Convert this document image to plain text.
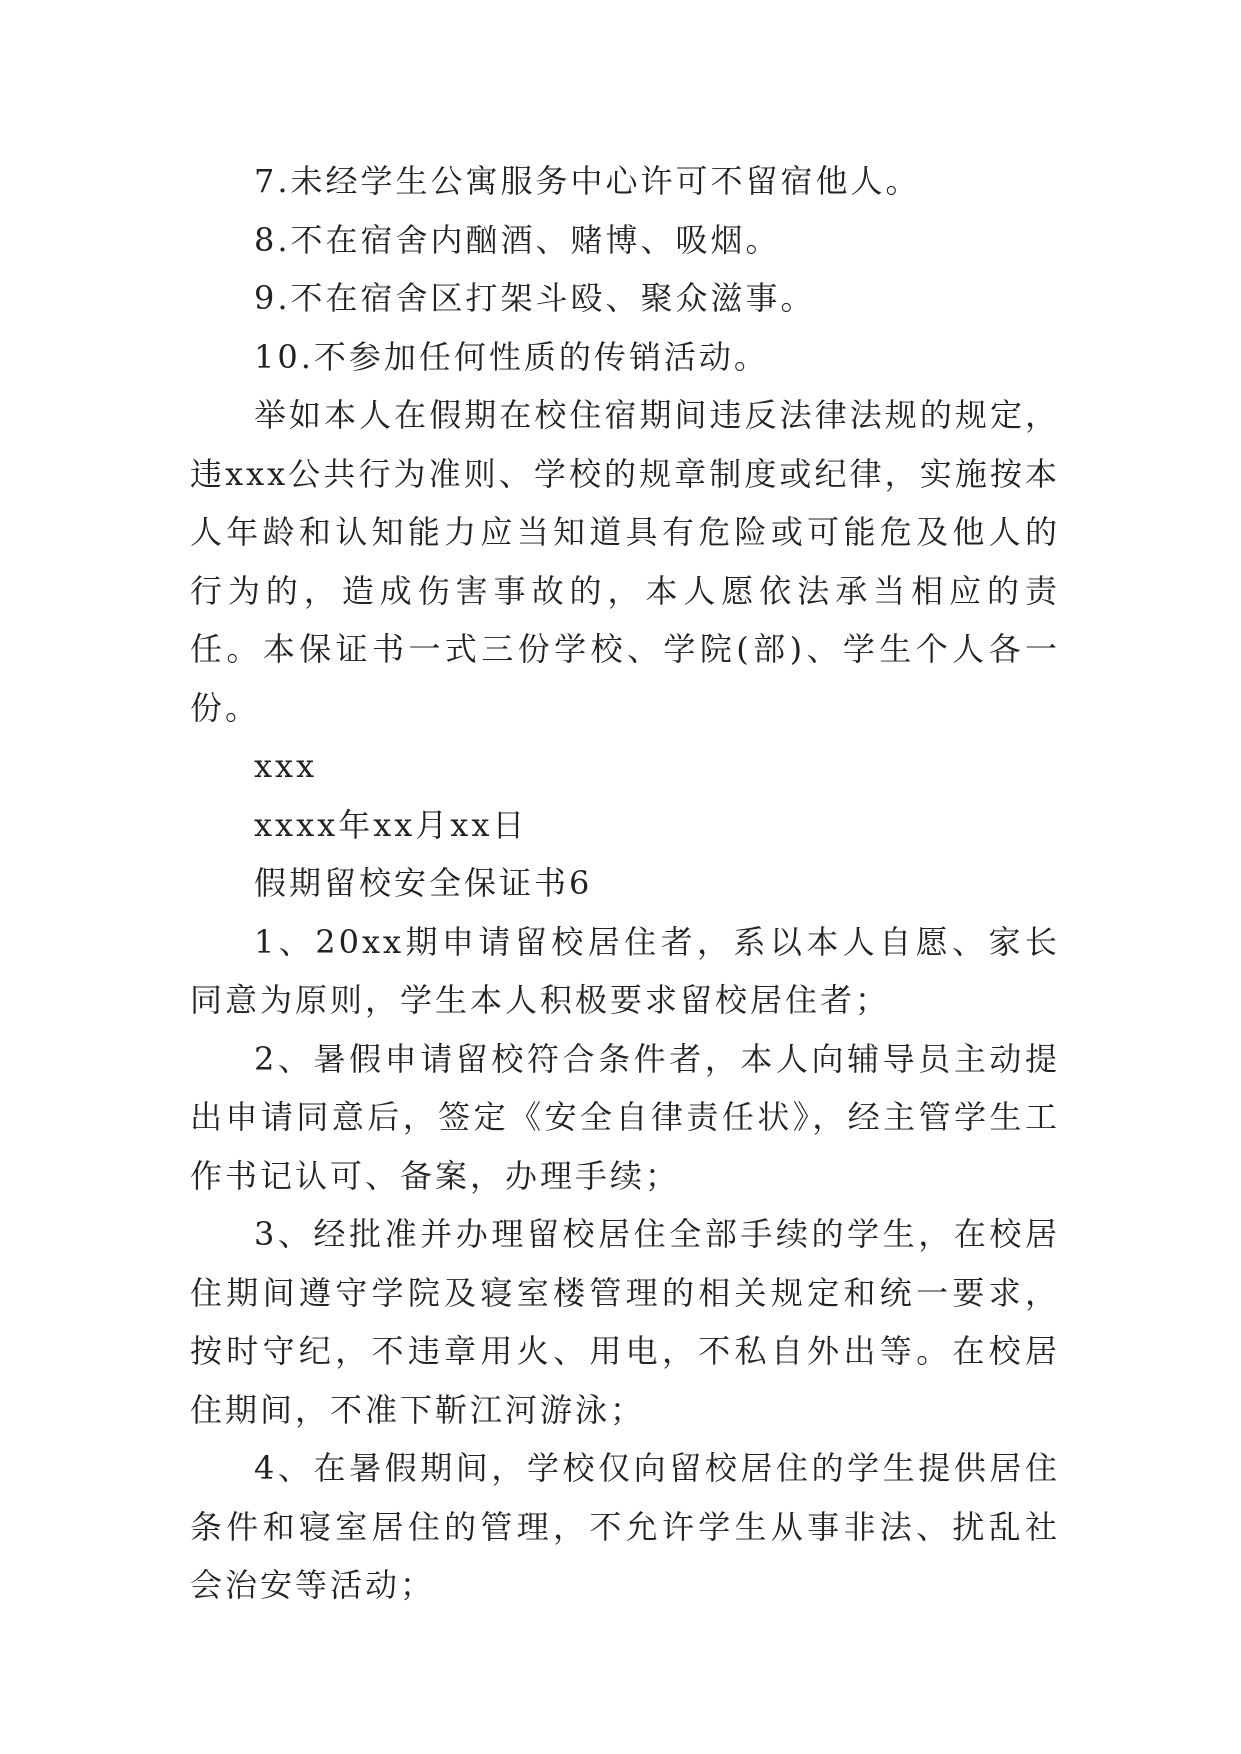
7.未经学生公寓服务中心许可不留宿他人。

8.不在宿舍内酗酒、赌博、吸烟。

9.不在宿舍区打架斗殴、聚众滋事。

10.不参加任何性质的传销活动。

举如本人在假期在校住宿期间违反法律法规的规定，违xxx公共行为准则、学校的规章制度或纪律，实施按本人年龄和认知能力应当知道具有危险或可能危及他人的行为的，造成伤害事故的，本人愿依法承当相应的责任。本保证书一式三份学校、学院(部)、学生个人各一份。

xxx

xxxx年xx月xx日

假期留校安全保证书6

1、20xx期申请留校居住者，系以本人自愿、家长同意为原则，学生本人积极要求留校居住者；

2、暑假申请留校符合条件者，本人向辅导员主动提出申请同意后，签定《安全自律责任状》，经主管学生工作书记认可、备案，办理手续；

3、经批准并办理留校居住全部手续的学生，在校居住期间遵守学院及寝室楼管理的相关规定和统一要求，按时守纪，不违章用火、用电，不私自外出等。在校居住期间，不准下靳江河游泳；

4、在暑假期间，学校仅向留校居住的学生提供居住条件和寝室居住的管理，不允许学生从事非法、扰乱社会治安等活动；
